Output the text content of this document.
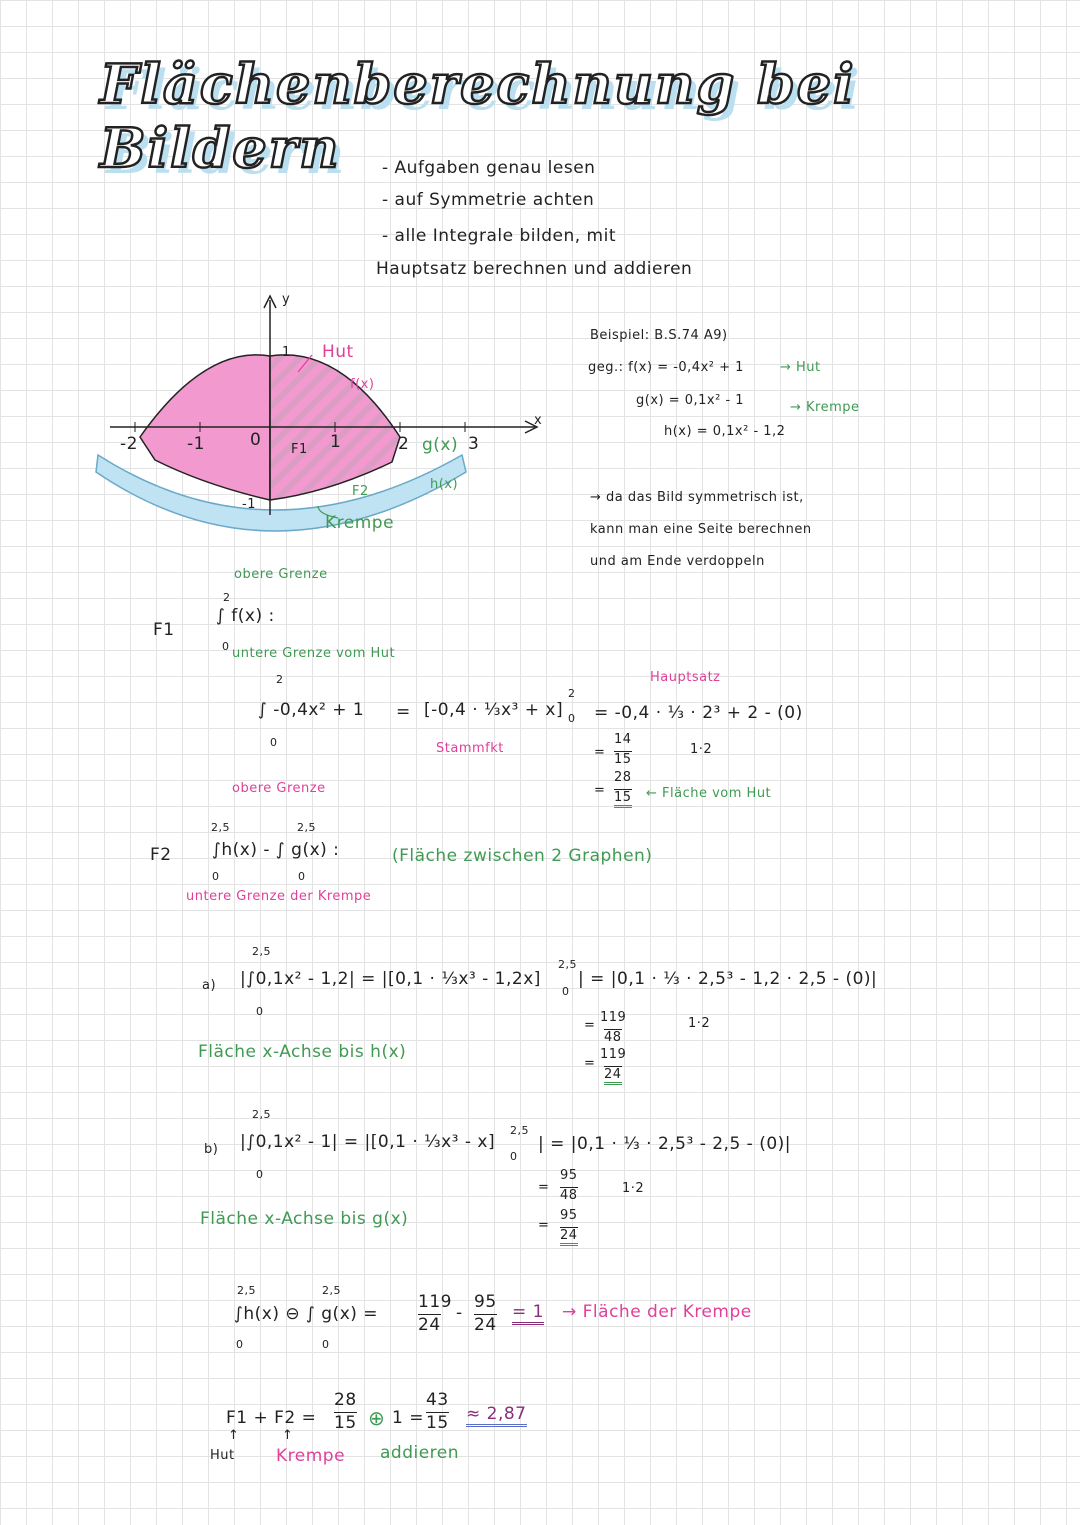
Flächenberechnung bei Bildern	- Aufgaben genau lesen
- auf Symmetrie achten
- alle Integrale bilden, mit
Hauptsatz berechnen und addieren
y
x
-2	-1	0	1	2	3
1
-1
Hut
f(x)
F1
F2
g(x)
h(x)
Krempe
Beispiel: B.S.74 A9)
geg.: f(x) = -0,4x² + 1	→ Hut
g(x) = 0,1x² - 1
h(x) = 0,1x² - 1,2
→ Krempe
→ da das Bild symmetrisch ist,
kann man eine Seite berechnen
und am Ende verdoppeln
F1
obere Grenze
2
∫ f(x) :
0 untere Grenze vom Hut
2
∫ -0,4x² + 1
0
= [-0,4 · ⅓x³ + x]
2
0
Stammfkt
Hauptsatz
= -0,4 · ⅓ · 2³ + 2 - (0)
=
14
15
1·2
=
28
15 ← Fläche vom Hut
obere Grenze
F2
2,5	2,5
∫h(x) - ∫ g(x) :
0	0
(Fläche zwischen 2 Graphen)
untere Grenze der Krempe
a)
2,5
|∫0,1x² - 1,2| = |[0,1 · ⅓x³ - 1,2x]
2,5
0
| = |0,1 · ⅓ · 2,5³ - 1,2 · 2,5 - (0)|
0
=
119
48
1·2
=
119
24
Fläche x-Achse bis h(x)
b)
2,5
|∫0,1x² - 1| = |[0,1 · ⅓x³ - x]
2,5
0
| = |0,1 · ⅓ · 2,5³ - 2,5 - (0)|
0
=
95
48	1·2
=
95
24
Fläche x-Achse bis g(x)
2,5	2,5
∫h(x) ⊖ ∫ g(x) =
0	0
119
24
-
95
24
= 1 → Fläche der Krempe
F1 + F2 =
28
15 ⊕ 1 =
43
15 ≈ 2,87
↑	↑
Hut Krempe addieren
